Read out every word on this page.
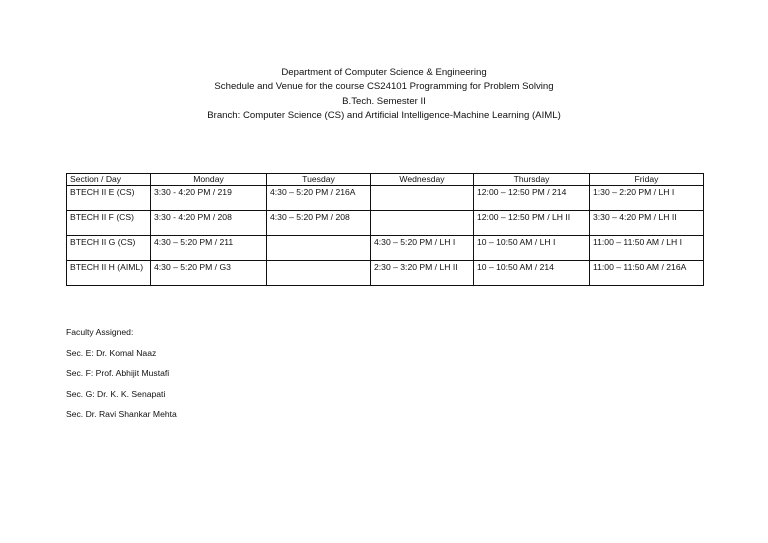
Department of Computer Science & Engineering
Schedule and Venue for the course CS24101 Programming for Problem Solving
B.Tech. Semester II
Branch: Computer Science (CS) and Artificial Intelligence-Machine Learning (AIML)
Section / Day	Monday	Tuesday	Wednesday	Thursday	Friday
BTECH II E (CS)	3:30 - 4:20 PM / 219	4:30 – 5:20 PM / 216A		12:00 – 12:50 PM / 214	1:30 – 2:20 PM / LH I
BTECH II F (CS)	3:30 - 4:20 PM / 208	4:30 – 5:20 PM / 208		12:00 – 12:50 PM / LH II	3:30 – 4:20 PM / LH II
BTECH II G (CS)	4:30 – 5:20 PM / 211		4:30 – 5:20 PM / LH I	10 – 10:50 AM / LH I	11:00 – 11:50 AM / LH I
BTECH II H (AIML)	4:30 – 5:20 PM / G3		2:30 – 3:20 PM / LH II	10 – 10:50 AM / 214	11:00 – 11:50 AM / 216A
Faculty Assigned:
Sec. E: Dr. Komal Naaz
Sec. F: Prof. Abhijit Mustafi
Sec. G: Dr. K. K. Senapati
Sec. Dr. Ravi Shankar Mehta
